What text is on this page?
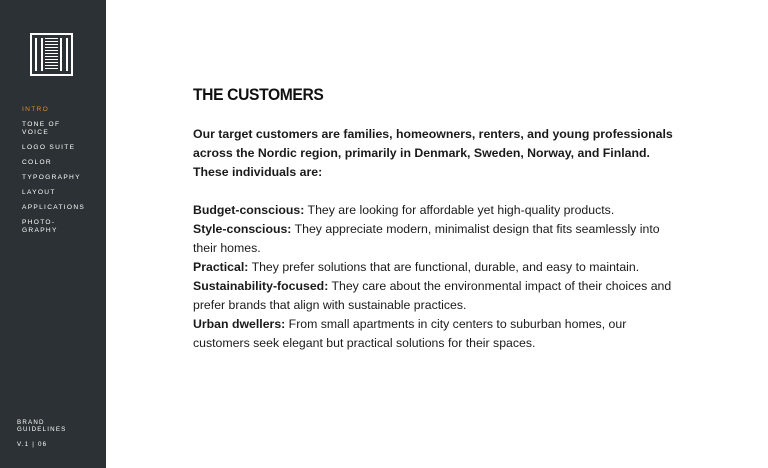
INTRO
TONE OF
VOICE
LOGO SUITE
COLOR
TYPOGRAPHY
LAYOUT
APPLICATIONS
PHOTO-
GRAPHY
BRAND
GUIDELINES
V.1 | 06
THE CUSTOMERS

Our target customers are families, homeowners, renters, and young professionals across the Nordic region, primarily in Denmark, Sweden, Norway, and Finland. These individuals are:

Budget-conscious: They are looking for affordable yet high-quality products.
Style-conscious: They appreciate modern, minimalist design that fits seamlessly into their homes.
Practical: They prefer solutions that are functional, durable, and easy to maintain.
Sustainability-focused: They care about the environmental impact of their choices and prefer brands that align with sustainable practices.
Urban dwellers: From small apartments in city centers to suburban homes, our customers seek elegant but practical solutions for their spaces.
